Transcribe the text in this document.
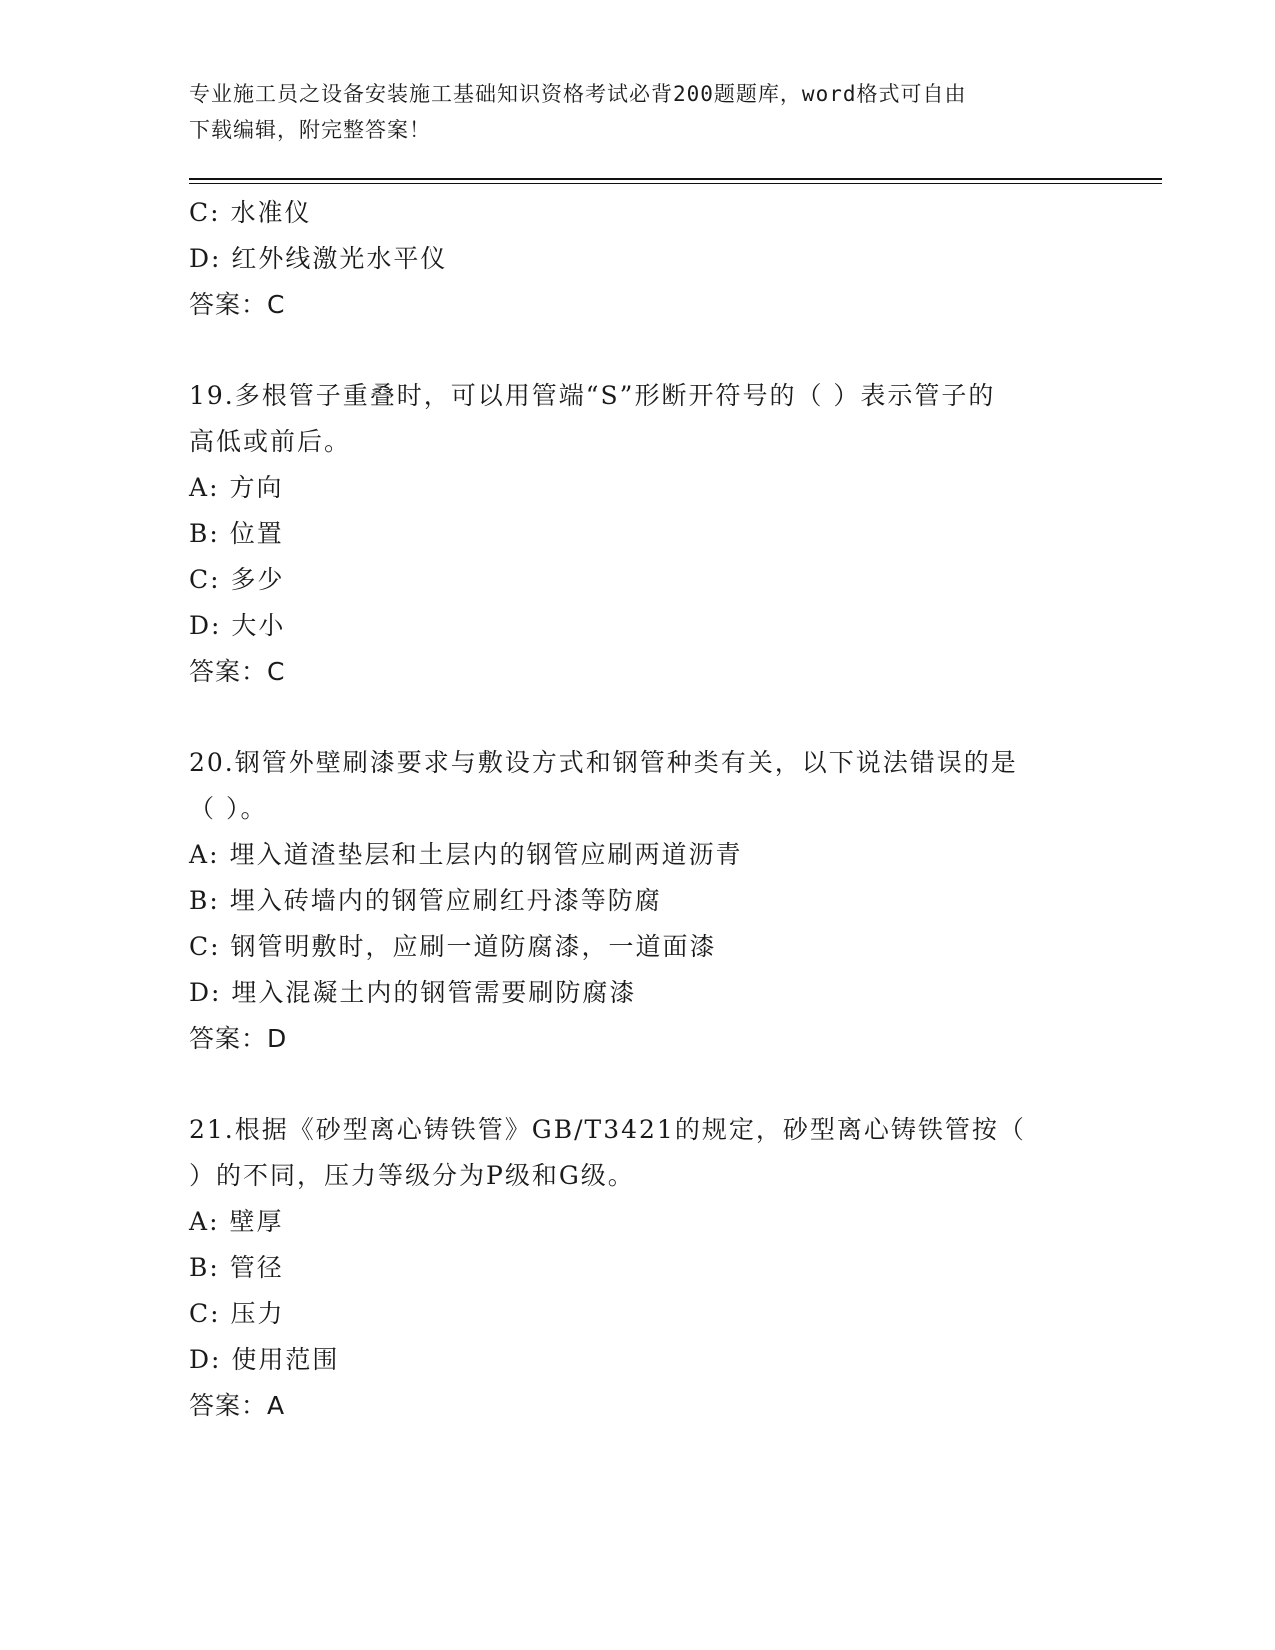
专业施工员之设备安装施工基础知识资格考试必背200题题库，word格式可自由
下载编辑，附完整答案！
C: 水准仪
D: 红外线激光水平仪
答案：C
19.多根管子重叠时，可以用管端“S”形断开符号的（ ）表示管子的
高低或前后。
A: 方向
B: 位置
C: 多少
D: 大小
答案：C
20.钢管外壁刷漆要求与敷设方式和钢管种类有关，以下说法错误的是
（ ）。
A: 埋入道渣垫层和土层内的钢管应刷两道沥青
B: 埋入砖墙内的钢管应刷红丹漆等防腐
C: 钢管明敷时，应刷一道防腐漆，一道面漆
D: 埋入混凝土内的钢管需要刷防腐漆
答案：D
21.根据《砂型离心铸铁管》GB/T3421的规定，砂型离心铸铁管按（
）的不同，压力等级分为P级和G级。
A: 壁厚
B: 管径
C: 压力
D: 使用范围
答案：A
